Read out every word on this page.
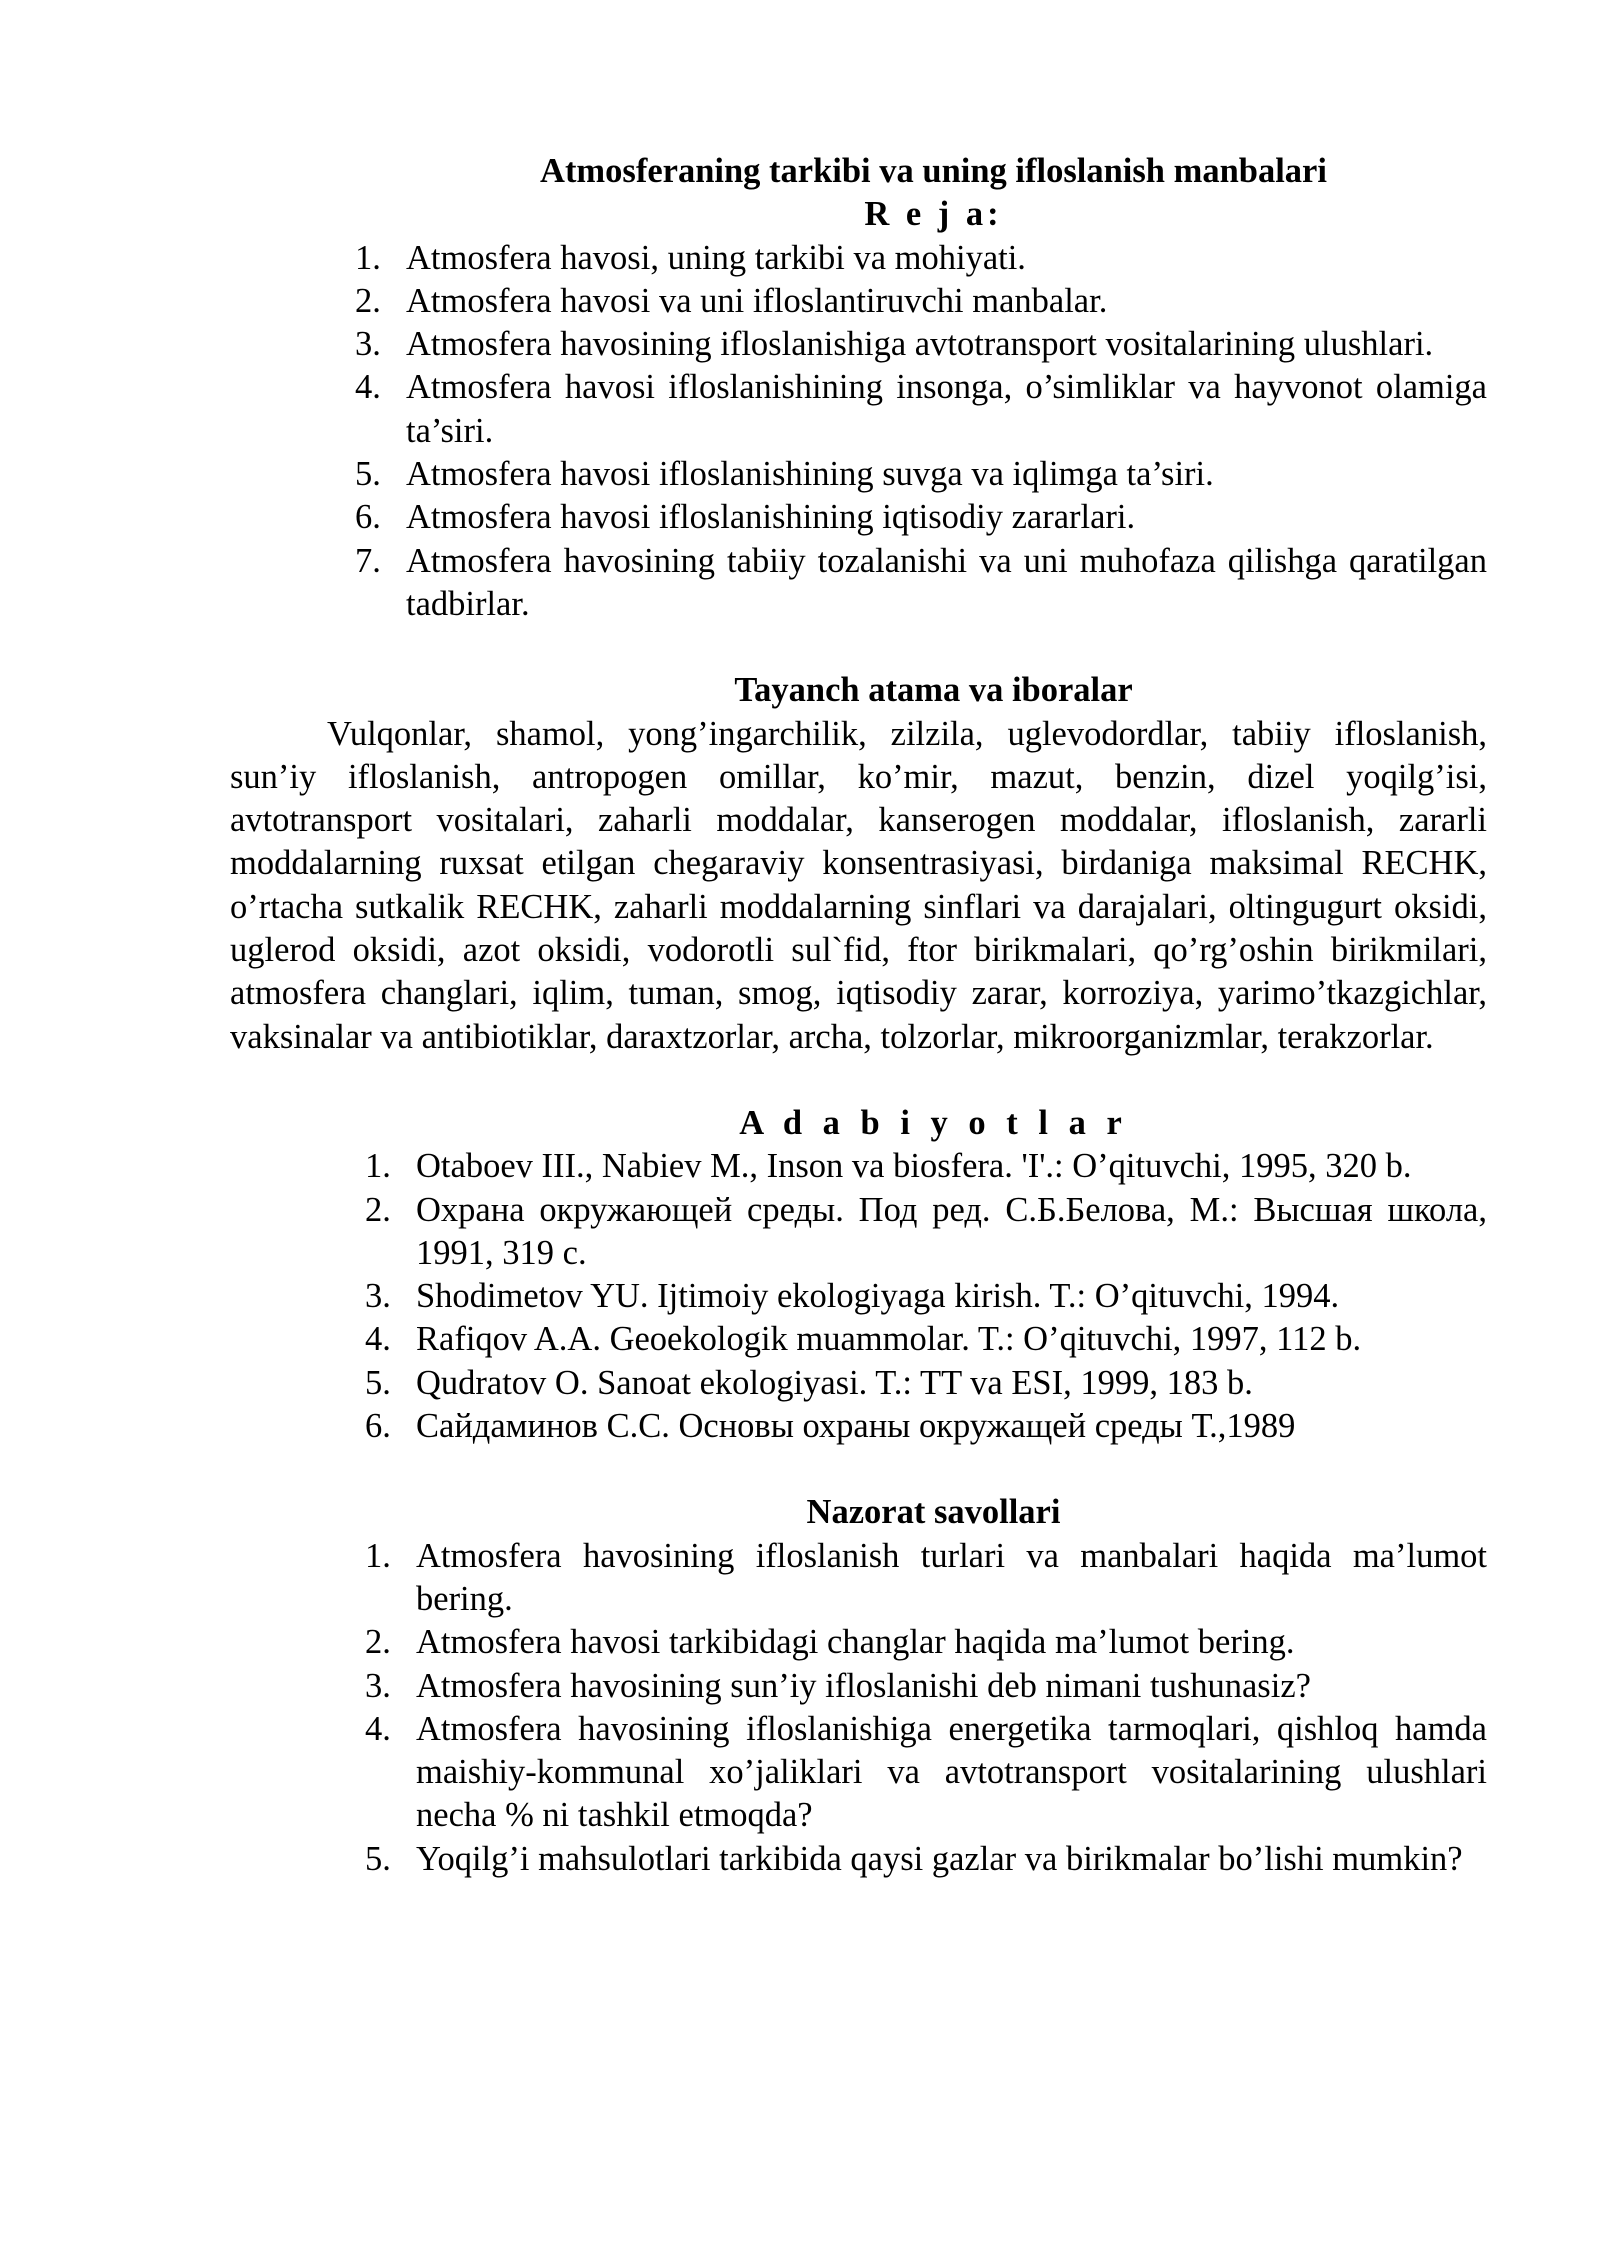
Atmosferaning tarkibi va uning ifloslanish manbalari
R e j a:
1. Atmosfera havosi, uning tarkibi va mohiyati.
2. Atmosfera havosi va uni ifloslantiruvchi manbalar.
3. Atmosfera havosining ifloslanishiga avtotransport vositalarining ulushlari.
4. Atmosfera havosi ifloslanishining insonga, o’simliklar va hayvonot olamiga ta’siri.
5. Atmosfera havosi ifloslanishining suvga va iqlimga ta’siri.
6. Atmosfera havosi ifloslanishining iqtisodiy zararlari.
7. Atmosfera havosining tabiiy tozalanishi va uni muhofaza qilishga qaratilgan tadbirlar.
Tayanch atama va iboralar

Vulqonlar, shamol, yong’ingarchilik, zilzila, uglevodordlar, tabiiy ifloslanish, sun’iy ifloslanish, antropogen omillar, ko’mir, mazut, benzin, dizel yoqilg’isi, avtotransport vositalari, zaharli moddalar, kanserogen moddalar, ifloslanish, zararli moddalarning ruxsat etilgan chegaraviy konsentrasiyasi, birdaniga maksimal RECHK, o’rtacha sutkalik RECHK, zaharli moddalarning sinflari va darajalari, oltingugurt oksidi, uglerod oksidi, azot oksidi, vodorotli sul`fid, ftor birikmalari, qo’rg’oshin birikmilari, atmosfera changlari, iqlim, tuman, smog, iqtisodiy zarar, korroziya, yarimo’tkazgichlar, vaksinalar va antibiotiklar, daraxtzorlar, archa, tolzorlar, mikroorganizmlar, terakzorlar.

A d a b i y o t l a r
1. Otaboev III., Nabiev M., Inson va biosfera. 'I'.: O’qituvchi, 1995, 320 b.
2. Охрана окружающей среды. Под ред. С.Б.Белова, М.: Высшая школа, 1991, 319 с.
3. Shodimetov YU. Ijtimoiy ekologiyaga kirish. T.: O’qituvchi, 1994.
4. Rafiqov A.A. Geoekologik muammolar. T.: O’qituvchi, 1997, 112 b.
5. Qudratov O. Sanoat ekologiyasi. T.: TT va ESI, 1999, 183 b.
6. Сайдаминов С.С. Основы охраны окружащей среды Т.,1989
Nazorat savollari
1. Atmosfera havosining ifloslanish turlari va manbalari haqida ma’lumot bering.
2. Atmosfera havosi tarkibidagi changlar haqida ma’lumot bering.
3. Atmosfera havosining sun’iy ifloslanishi deb nimani tushunasiz?
4. Atmosfera havosining ifloslanishiga energetika tarmoqlari, qishloq hamda maishiy-kommunal xo’jaliklari va avtotransport vositalarining ulushlari necha % ni tashkil etmoqda?
5. Yoqilg’i mahsulotlari tarkibida qaysi gazlar va birikmalar bo’lishi mumkin?
